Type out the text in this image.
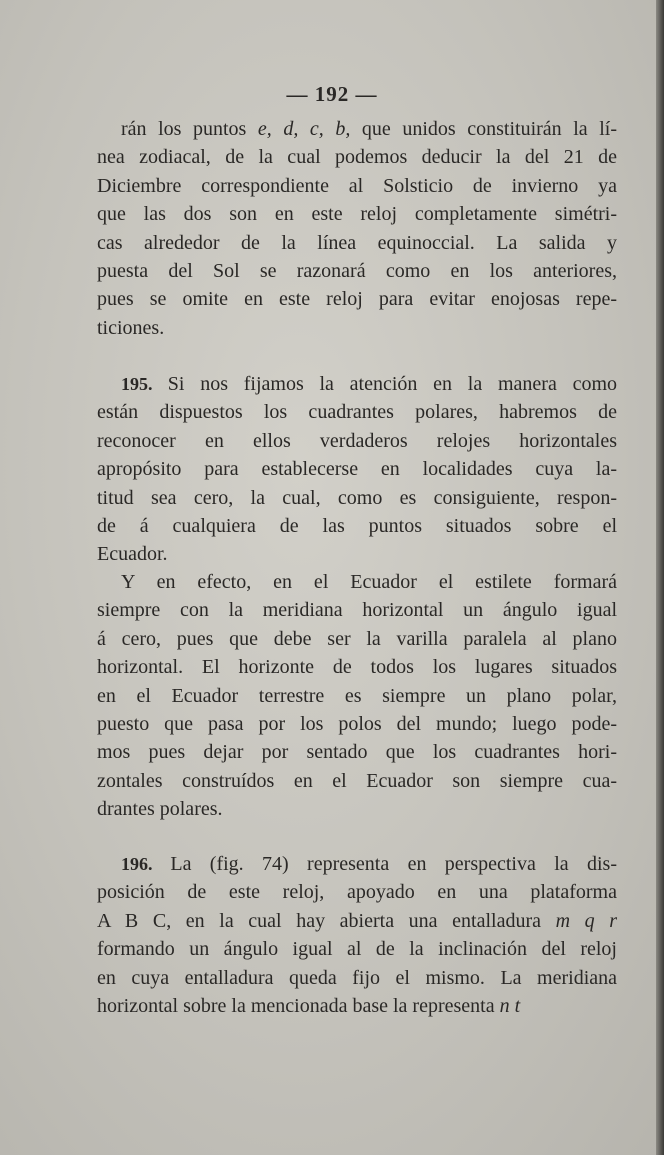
— 192 —
rán los puntos e, d, c, b, que unidos constituirán la lí-
nea zodiacal, de la cual podemos deducir la del 21 de
Diciembre correspondiente al Solsticio de invierno ya
que las dos son en este reloj completamente simétri-
cas alrededor de la línea equinoccial. La salida y
puesta del Sol se razonará como en los anteriores,
pues se omite en este reloj para evitar enojosas repe-
ticiones.
195. Si nos fijamos la atención en la manera como
están dispuestos los cuadrantes polares, habremos de
reconocer en ellos verdaderos relojes horizontales
apropósito para establecerse en localidades cuya la-
titud sea cero, la cual, como es consiguiente, respon-
de á cualquiera de las puntos situados sobre el
Ecuador.
Y en efecto, en el Ecuador el estilete formará
siempre con la meridiana horizontal un ángulo igual
á cero, pues que debe ser la varilla paralela al plano
horizontal. El horizonte de todos los lugares situados
en el Ecuador terrestre es siempre un plano polar,
puesto que pasa por los polos del mundo; luego pode-
mos pues dejar por sentado que los cuadrantes hori-
zontales construídos en el Ecuador son siempre cua-
drantes polares.
196. La (fig. 74) representa en perspectiva la dis-
posición de este reloj, apoyado en una plataforma
A B C, en la cual hay abierta una entalladura m q r
formando un ángulo igual al de la inclinación del reloj
en cuya entalladura queda fijo el mismo. La meridiana
horizontal sobre la mencionada base la representa n t
